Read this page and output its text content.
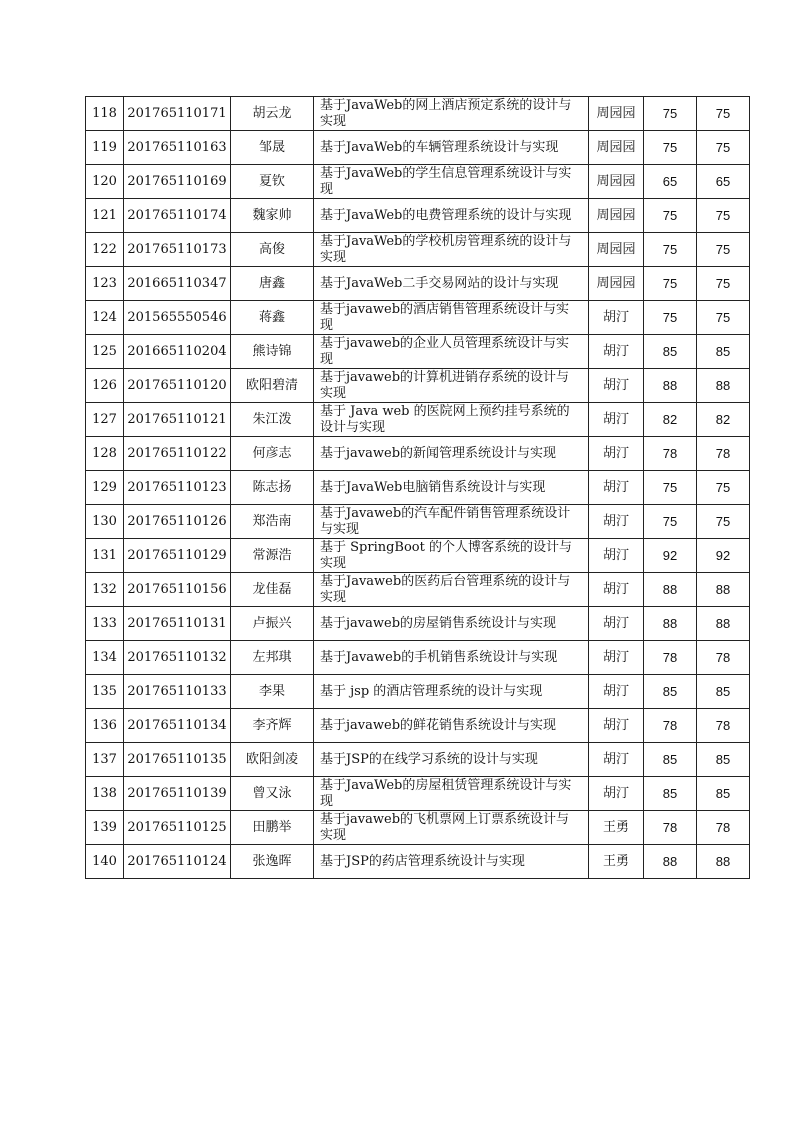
118	201765110171	胡云龙	基于JavaWeb的网上酒店预定系统的设计与实现	周园园	75	75
119	201765110163	邹晟	基于JavaWeb的车辆管理系统设计与实现	周园园	75	75
120	201765110169	夏钦	基于JavaWeb的学生信息管理系统设计与实现	周园园	65	65
121	201765110174	魏家帅	基于JavaWeb的电费管理系统的设计与实现	周园园	75	75
122	201765110173	高俊	基于JavaWeb的学校机房管理系统的设计与实现	周园园	75	75
123	201665110347	唐鑫	基于JavaWeb二手交易网站的设计与实现	周园园	75	75
124	201565550546	蒋鑫	基于javaweb的酒店销售管理系统设计与实现	胡汀	75	75
125	201665110204	熊诗锦	基于javaweb的企业人员管理系统设计与实现	胡汀	85	85
126	201765110120	欧阳碧清	基于javaweb的计算机进销存系统的设计与实现	胡汀	88	88
127	201765110121	朱江泼	基于 Java web 的医院网上预约挂号系统的设计与实现	胡汀	82	82
128	201765110122	何彦志	基于javaweb的新闻管理系统设计与实现	胡汀	78	78
129	201765110123	陈志扬	基于JavaWeb电脑销售系统设计与实现	胡汀	75	75
130	201765110126	郑浩南	基于Javaweb的汽车配件销售管理系统设计与实现	胡汀	75	75
131	201765110129	常源浩	基于 SpringBoot 的个人博客系统的设计与实现	胡汀	92	92
132	201765110156	龙佳磊	基于Javaweb的医药后台管理系统的设计与实现	胡汀	88	88
133	201765110131	卢振兴	基于javaweb的房屋销售系统设计与实现	胡汀	88	88
134	201765110132	左邦琪	基于Javaweb的手机销售系统设计与实现	胡汀	78	78
135	201765110133	李果	基于 jsp 的酒店管理系统的设计与实现	胡汀	85	85
136	201765110134	李齐辉	基于javaweb的鲜花销售系统设计与实现	胡汀	78	78
137	201765110135	欧阳剑凌	基于JSP的在线学习系统的设计与实现	胡汀	85	85
138	201765110139	曾又泳	基于JavaWeb的房屋租赁管理系统设计与实现	胡汀	85	85
139	201765110125	田鹏举	基于javaweb的飞机票网上订票系统设计与实现	王勇	78	78
140	201765110124	张逸晖	基于JSP的药店管理系统设计与实现	王勇	88	88
